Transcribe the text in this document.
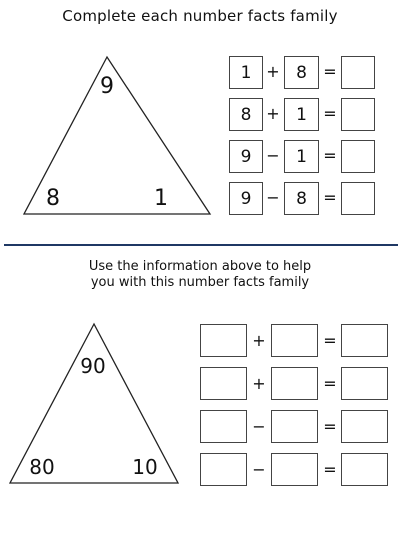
Complete each number facts family
9
8	1
1 + 8	=
8 + 1	=
9 − 1	=
9 − 8	=
Use the information above to help
you with this number facts family
90
80	10
+	=
+	=
−	=
−	=
